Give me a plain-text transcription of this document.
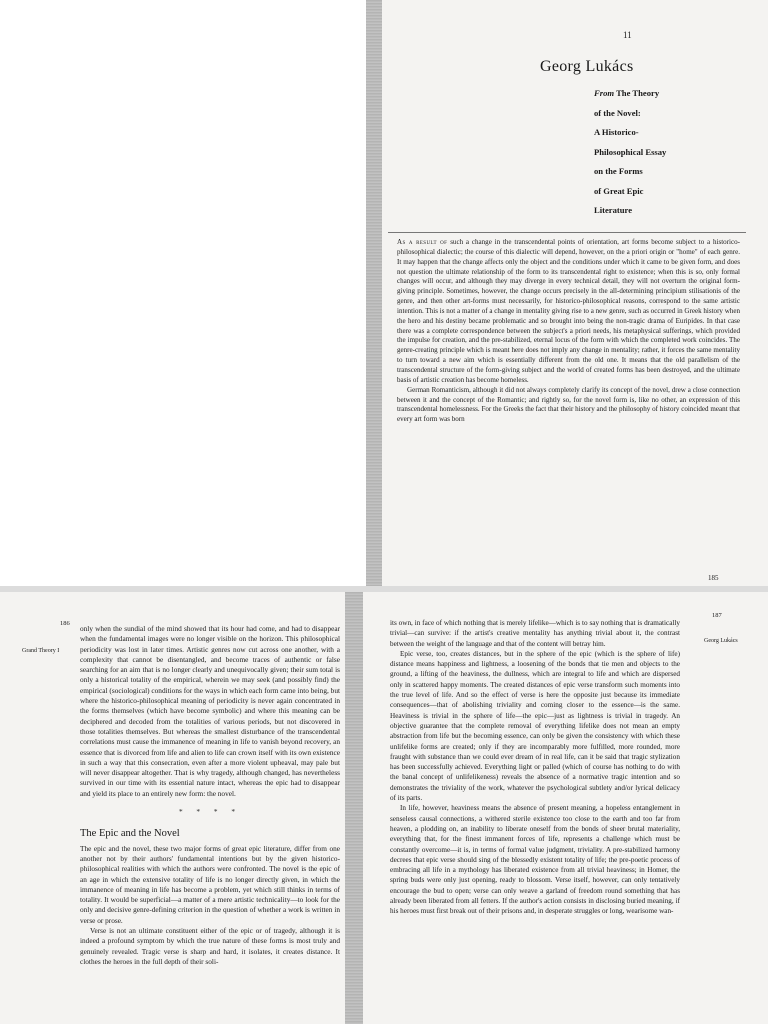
11
Georg Lukács
From The Theory
of the Novel:
A Historico-
Philosophical Essay
on the Forms
of Great Epic
Literature

As a result of such a change in the transcendental points of orientation, art forms become subject to a historico-philosophical dialectic; the course of this dialectic will depend, however, on the a priori origin or "home" of each genre. It may happen that the change affects only the object and the conditions under which it came to be given form, and does not question the ultimate relationship of the form to its transcendental right to existence; when this is so, only formal changes will occur, and although they may diverge in every technical detail, they will not overturn the original form-giving principle. Sometimes, however, the change occurs precisely in the all-determining principium stilisationis of the genre, and then other art-forms must necessarily, for historico-philosophical reasons, correspond to the same artistic intention. This is not a matter of a change in mentality giving rise to a new genre, such as occurred in Greek history when the hero and his destiny became problematic and so brought into being the non-tragic drama of Euripides. In that case there was a complete correspondence between the subject's a priori needs, his metaphysical sufferings, which provided the impulse for creation, and the pre-stabilized, eternal locus of the form with which the completed work coincides. The genre-creating principle which is meant here does not imply any change in mentality; rather, it forces the same mentality to turn toward a new aim which is essentially different from the old one. It means that the old parallelism of the transcendental structure of the form-giving subject and the world of created forms has been destroyed, and the ultimate basis of artistic creation has become homeless.

German Romanticism, although it did not always completely clarify its concept of the novel, drew a close connection between it and the concept of the Romantic; and rightly so, for the novel form is, like no other, an expression of this transcendental homelessness. For the Greeks the fact that their history and the philosophy of history coincided meant that every art form was born

185
186
Grand Theory I

only when the sundial of the mind showed that its hour had come, and had to disappear when the fundamental images were no longer visible on the horizon. This philosophical periodicity was lost in later times. Artistic genres now cut across one another, with a complexity that cannot be disentangled, and become traces of authentic or false searching for an aim that is no longer clearly and unequivocally given; their sum total is only a historical totality of the empirical, wherein we may seek (and possibly find) the empirical (sociological) conditions for the ways in which each form came into being, but where the historico-philosophical meaning of periodicity is never again concentrated in the forms themselves (which have become symbolic) and where this meaning can be deciphered and decoded from the totalities of various periods, but not discovered in those totalities themselves. But whereas the smallest disturbance of the transcendental correlations must cause the immanence of meaning in life to vanish beyond recovery, an essence that is divorced from life and alien to life can crown itself with its own existence in such a way that this consecration, even after a more violent upheaval, may pale but will never disappear altogether. That is why tragedy, although changed, has nevertheless survived in our time with its essential nature intact, whereas the epic had to disappear and yield its place to an entirely new form: the novel.

* * * *
The Epic and the Novel

The epic and the novel, these two major forms of great epic literature, differ from one another not by their authors' fundamental intentions but by the given historico-philosophical realities with which the authors were confronted. The novel is the epic of an age in which the extensive totality of life is no longer directly given, in which the immanence of meaning in life has become a problem, yet which still thinks in terms of totality. It would be superficial—a matter of a mere artistic technicality—to look for the only and decisive genre-defining criterion in the question of whether a work is written in verse or prose.

Verse is not an ultimate constituent either of the epic or of tragedy, although it is indeed a profound symptom by which the true nature of these forms is most truly and genuinely revealed. Tragic verse is sharp and hard, it isolates, it creates distance. It clothes the heroes in the full depth of their soli-

187
Georg Lukács

its own, in face of which nothing that is merely lifelike—which is to say nothing that is dramatically trivial—can survive: if the artist's creative mentality has anything trivial about it, the contrast between the weight of the language and that of the content will betray him.

Epic verse, too, creates distances, but in the sphere of the epic (which is the sphere of life) distance means happiness and lightness, a loosening of the bonds that tie men and objects to the ground, a lifting of the heaviness, the dullness, which are integral to life and which are dispersed only in scattered happy moments. The created distances of epic verse transform such moments into the true level of life. And so the effect of verse is here the opposite just because its immediate consequences—that of abolishing triviality and coming closer to the essence—is the same. Heaviness is trivial in the sphere of life—the epic—just as lightness is trivial in tragedy. An objective guarantee that the complete removal of everything lifelike does not mean an empty abstraction from life but the becoming essence, can only be given the consistency with which these unlifelike forms are created; only if they are incomparably more fulfilled, more rounded, more fraught with substance than we could ever dream of in real life, can it be said that tragic stylization has been successfully achieved. Everything light or palled (which of course has nothing to do with the banal concept of unlifelikeness) reveals the absence of a normative tragic intention and so demonstrates the triviality of the work, whatever the psychological subtlety and/or lyrical delicacy of its parts.

In life, however, heaviness means the absence of present meaning, a hopeless entanglement in senseless causal connections, a withered sterile existence too close to the earth and too far from heaven, a plodding on, an inability to liberate oneself from the bonds of sheer brutal materiality, everything that, for the finest immanent forces of life, represents a challenge which must be constantly overcome—it is, in terms of formal value judgment, triviality. A pre-stabilized harmony decrees that epic verse should sing of the blessedly existent totality of life; the pre-poetic process of embracing all life in a mythology has liberated existence from all trivial heaviness; in Homer, the spring buds were only just opening, ready to blossom. Verse itself, however, can only tentatively encourage the bud to open; verse can only weave a garland of freedom round something that has already been liberated from all fetters. If the author's action consists in disclosing buried meaning, if his heroes must first break out of their prisons and, in desperate struggles or long, wearisome wan-
